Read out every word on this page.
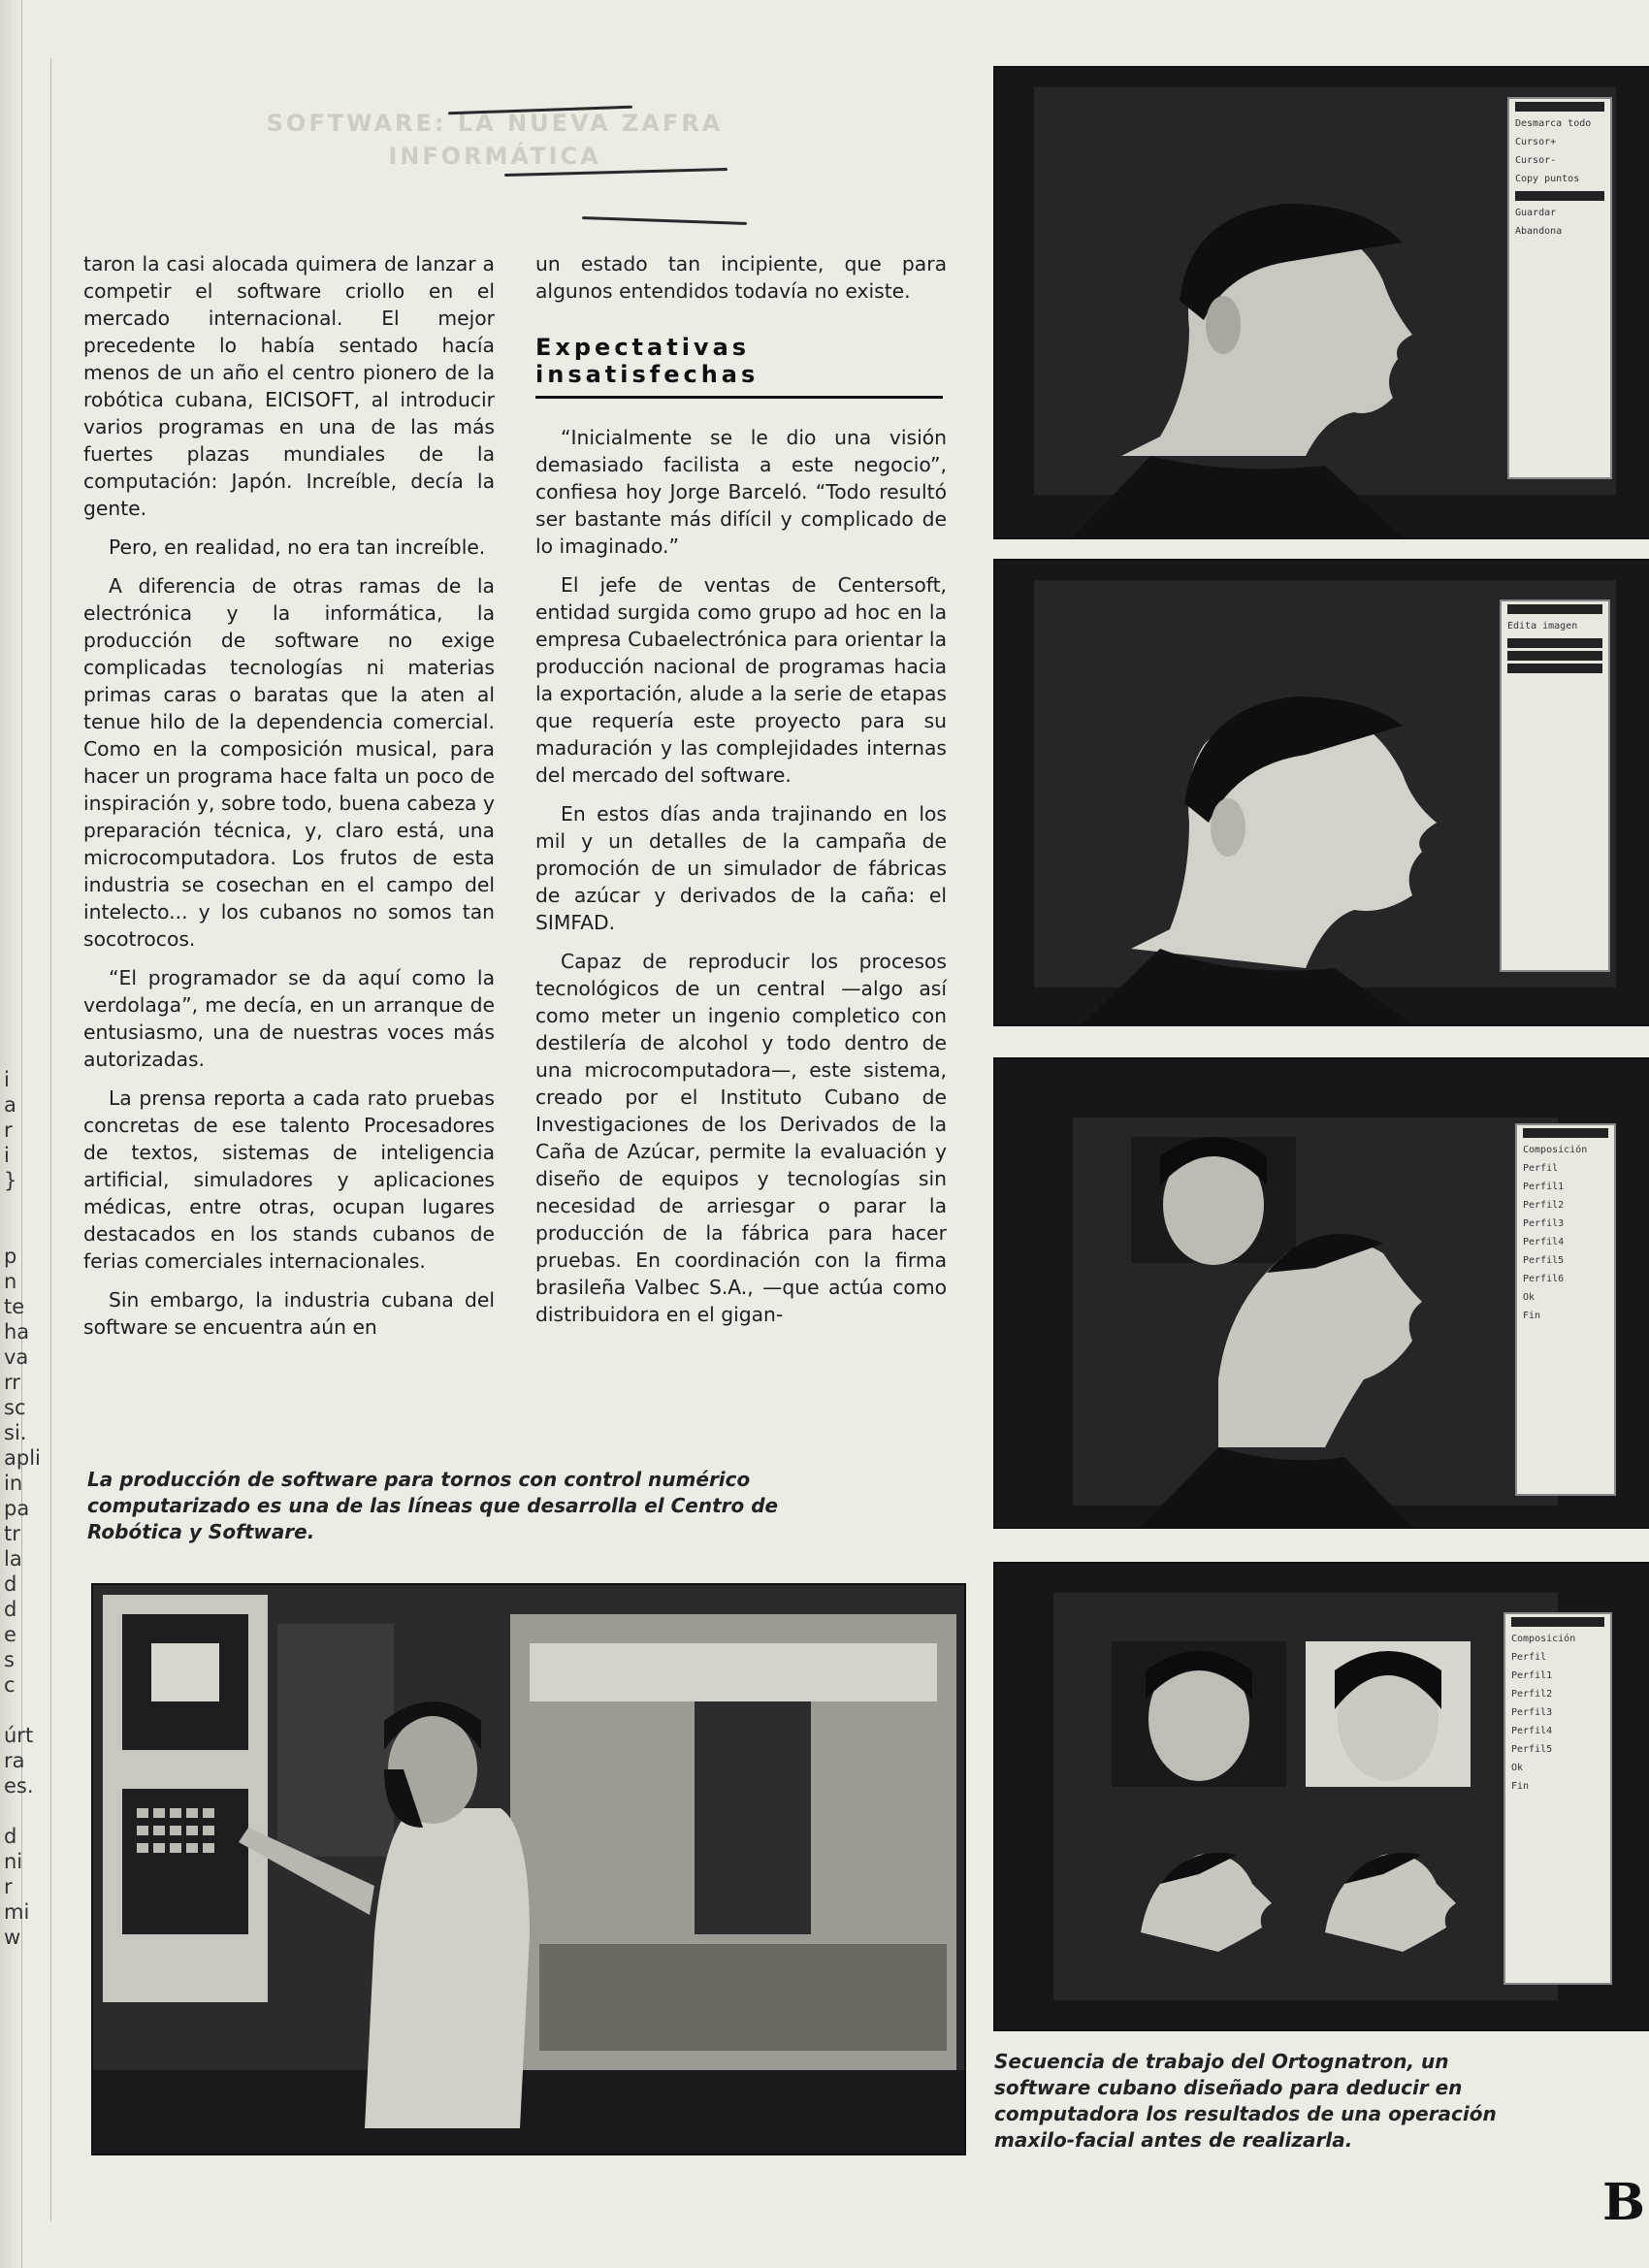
i
a
r
i
}
p
n
te
ha
va
rr
sc
si.
apli
in
pa
tr
la
d
d
e
s
c
úrt
ra
es.
d
ni
r
mi
w
SOFTWARE: LA NUEVA ZAFRA INFORMÁTICA

taron la casi alocada quimera de lanzar a competir el software criollo en el mercado internacional. El mejor precedente lo había sentado hacía menos de un año el centro pionero de la robótica cubana, EICISOFT, al introducir varios programas en una de las más fuertes plazas mundiales de la computación: Japón. Increíble, decía la gente.

Pero, en realidad, no era tan increíble.

A diferencia de otras ramas de la electrónica y la informática, la producción de software no exige complicadas tecnologías ni materias primas caras o baratas que la aten al tenue hilo de la dependencia comercial. Como en la composición musical, para hacer un programa hace falta un poco de inspiración y, sobre todo, buena cabeza y preparación técnica, y, claro está, una microcomputadora. Los frutos de esta industria se cosechan en el campo del intelecto... y los cubanos no somos tan socotrocos.

“El programador se da aquí como la verdolaga”, me decía, en un arranque de entusiasmo, una de nuestras voces más autorizadas.

La prensa reporta a cada rato pruebas concretas de ese talento Procesadores de textos, sistemas de inteligencia artificial, simuladores y aplicaciones médicas, entre otras, ocupan lugares destacados en los stands cubanos de ferias comerciales internacionales.

Sin embargo, la industria cubana del software se encuentra aún en

un estado tan incipiente, que para algunos entendidos todavía no existe.

Expectativas insatisfechas

“Inicialmente se le dio una visión demasiado facilista a este negocio”, confiesa hoy Jorge Barceló. “Todo resultó ser bastante más difícil y complicado de lo imaginado.”

El jefe de ventas de Centersoft, entidad surgida como grupo ad hoc en la empresa Cubaelectrónica para orientar la producción nacional de programas hacia la exportación, alude a la serie de etapas que requería este proyecto para su maduración y las complejidades internas del mercado del software.

En estos días anda trajinando en los mil y un detalles de la campaña de promoción de un simulador de fábricas de azúcar y derivados de la caña: el SIMFAD.

Capaz de reproducir los procesos tecnológicos de un central —algo así como meter un ingenio completico con destilería de alcohol y todo dentro de una microcomputadora—, este sistema, creado por el Instituto Cubano de Investigaciones de los Derivados de la Caña de Azúcar, permite la evaluación y diseño de equipos y tecnologías sin necesidad de arriesgar o parar la producción de la fábrica para hacer pruebas. En coordinación con la firma brasileña Valbec S.A., —que actúa como distribuidora en el gigan-

Desmarca todo
Cursor+
Cursor-
Copy puntos
Guardar
Abandona
Edita imagen
Composición
Perfil
Perfil1
Perfil2
Perfil3
Perfil4
Perfil5
Perfil6
Ok
Fin
Composición
Perfil
Perfil1
Perfil2
Perfil3
Perfil4
Perfil5
Ok
Fin
La producción de software para tornos con control numérico computarizado es una de las líneas que desarrolla el Centro de Robótica y Software.
Secuencia de trabajo del Ortognatron, un software cubano diseñado para deducir en computadora los resultados de una operación maxilo-facial antes de realizarla.
B
